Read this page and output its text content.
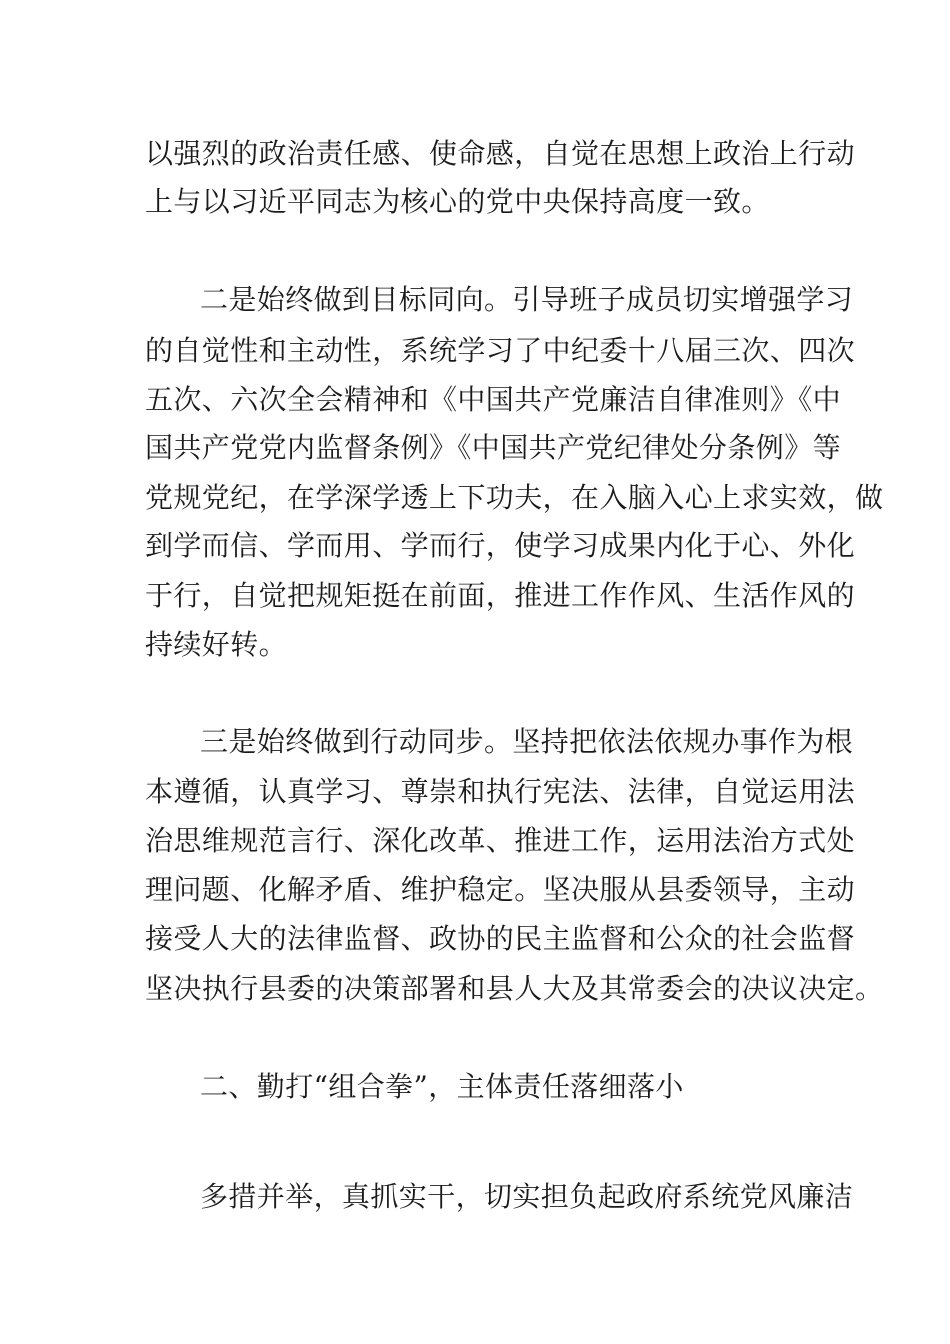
以强烈的政治责任感、使命感，自觉在思想上政治上行动

上与以习近平同志为核心的党中央保持高度一致。

二是始终做到目标同向。引导班子成员切实增强学习

的自觉性和主动性，系统学习了中纪委十八届三次、四次

五次、六次全会精神和《中国共产党廉洁自律准则》《中

国共产党党内监督条例》《中国共产党纪律处分条例》等

党规党纪，在学深学透上下功夫，在入脑入心上求实效，做

到学而信、学而用、学而行，使学习成果内化于心、外化

于行，自觉把规矩挺在前面，推进工作作风、生活作风的

持续好转。

三是始终做到行动同步。坚持把依法依规办事作为根

本遵循，认真学习、尊崇和执行宪法、法律，自觉运用法

治思维规范言行、深化改革、推进工作，运用法治方式处

理问题、化解矛盾、维护稳定。坚决服从县委领导，主动

接受人大的法律监督、政协的民主监督和公众的社会监督

坚决执行县委的决策部署和县人大及其常委会的决议决定。

二、勤打“组合拳”，主体责任落细落小

多措并举，真抓实干，切实担负起政府系统党风廉洁
